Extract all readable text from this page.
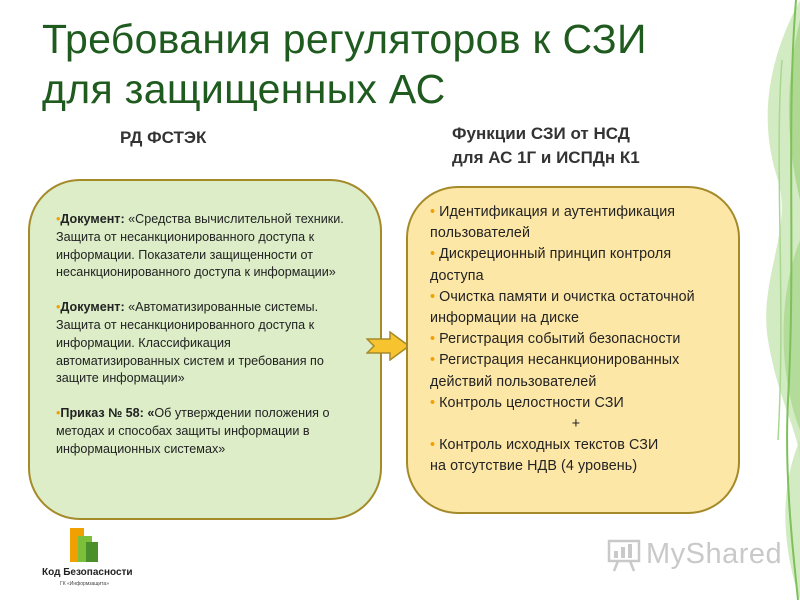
Требования регуляторов к СЗИ для защищенных АС
РД ФСТЭК	Функции СЗИ от НСД
для АС 1Г и ИСПДн К1
•Документ: «Средства вычислительной техники. Защита от несанкционированного доступа к информации. Показатели защищенности от несанкционированного доступа к информации»
•Документ: «Автоматизированные системы. Защита от несанкционированного доступа к информации. Классификация автоматизированных систем и требования по защите информации»
•Приказ № 58: «Об утверждении положения о методах и способах защиты информации в информационных системах»
• Идентификация и аутентификация пользователей
• Дискреционный принцип контроля доступа
• Очистка памяти и очистка остаточной информации на диске
• Регистрация событий безопасности
• Регистрация несанкционированных действий пользователей
• Контроль целостности СЗИ
+
• Контроль исходных текстов СЗИ
на отсутствие НДВ (4 уровень)
Код Безопасности
ГК «Информзащита»
MyShared
